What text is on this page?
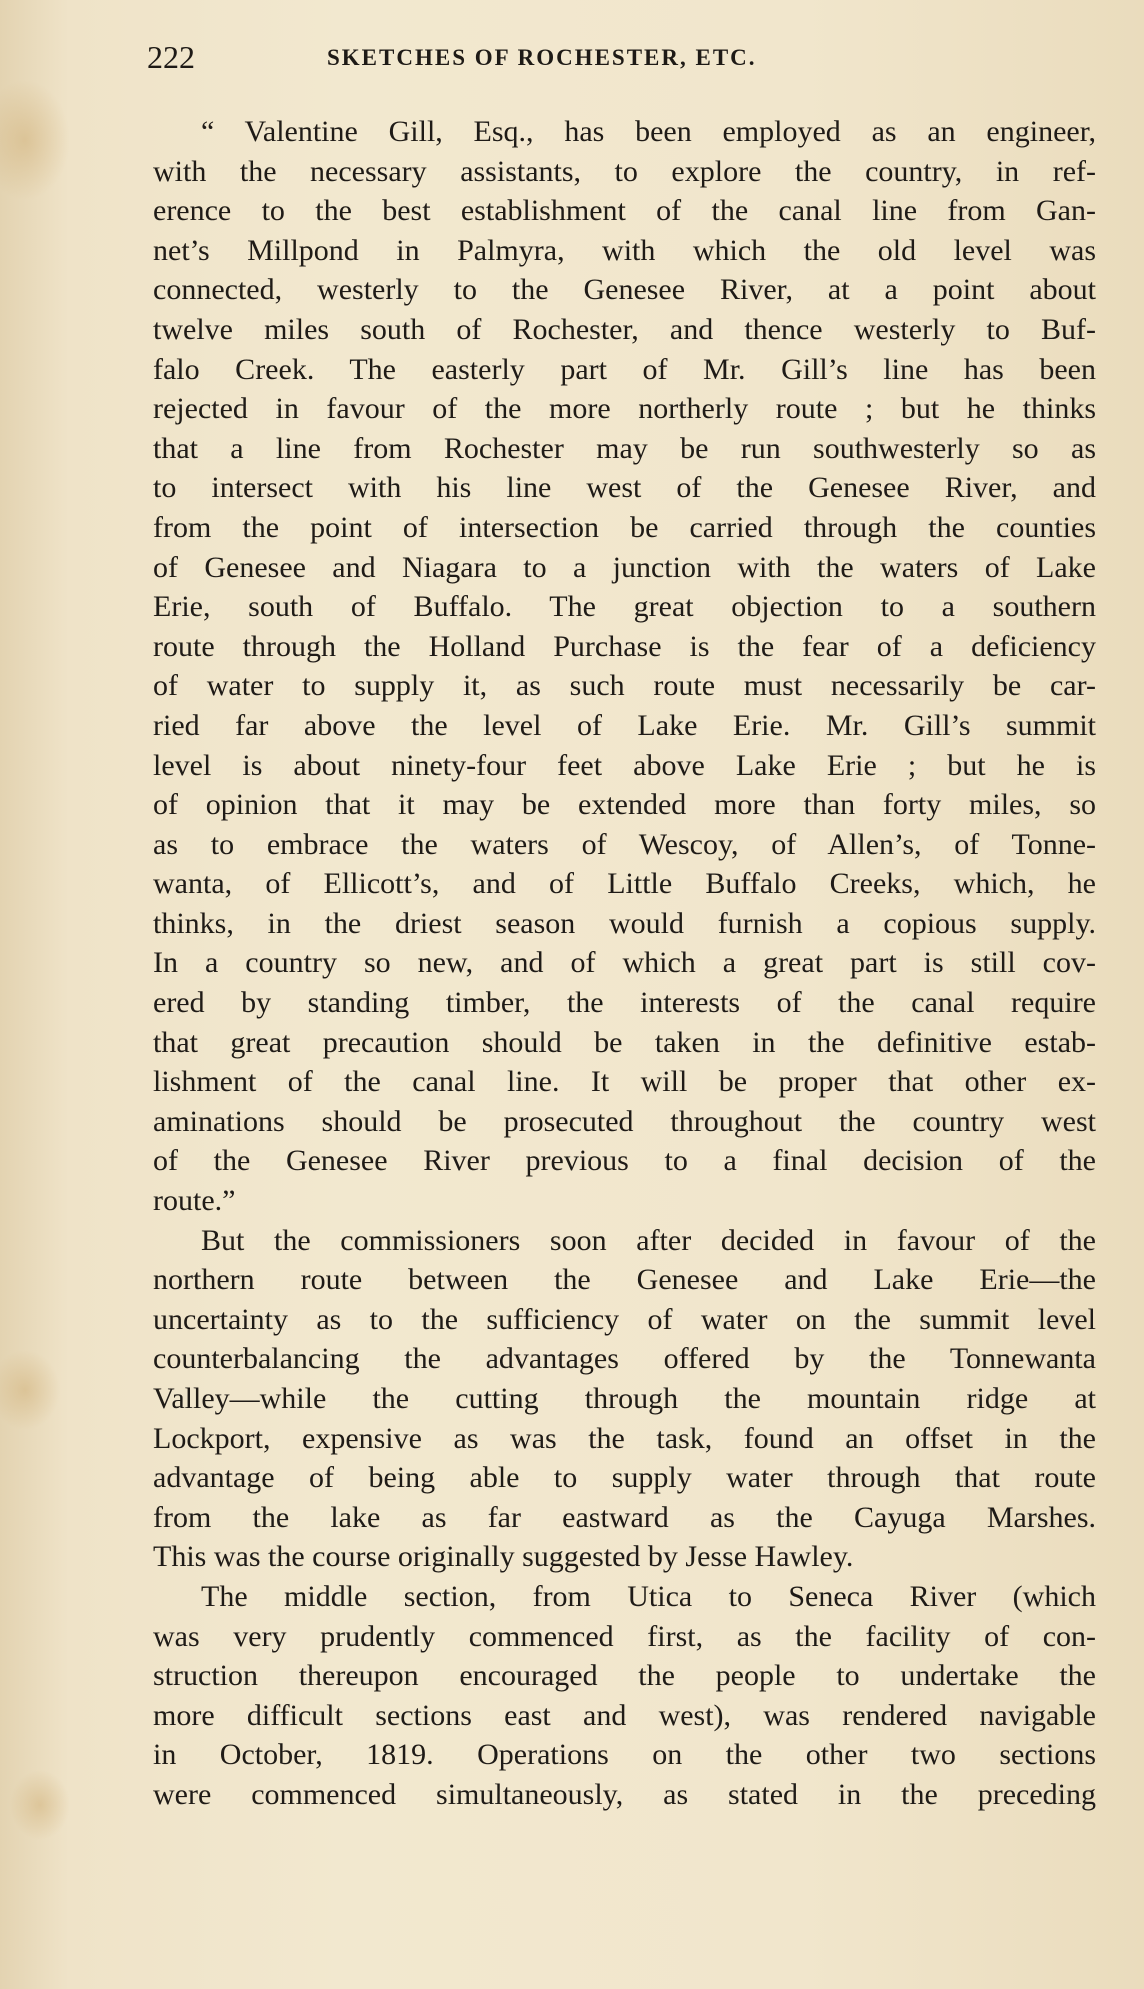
222	SKETCHES OF ROCHESTER, ETC.
“ Valentine Gill, Esq., has been employed as an engineer,
with the necessary assistants, to explore the country, in ref-
erence to the best establishment of the canal line from Gan-
net’s Millpond in Palmyra, with which the old level was
connected, westerly to the Genesee River, at a point about
twelve miles south of Rochester, and thence westerly to Buf-
falo Creek. The easterly part of Mr. Gill’s line has been
rejected in favour of the more northerly route ; but he thinks
that a line from Rochester may be run southwesterly so as
to intersect with his line west of the Genesee River, and
from the point of intersection be carried through the counties
of Genesee and Niagara to a junction with the waters of Lake
Erie, south of Buffalo. The great objection to a southern
route through the Holland Purchase is the fear of a deficiency
of water to supply it, as such route must necessarily be car-
ried far above the level of Lake Erie. Mr. Gill’s summit
level is about ninety-four feet above Lake Erie ; but he is
of opinion that it may be extended more than forty miles, so
as to embrace the waters of Wescoy, of Allen’s, of Tonne-
wanta, of Ellicott’s, and of Little Buffalo Creeks, which, he
thinks, in the driest season would furnish a copious supply.
In a country so new, and of which a great part is still cov-
ered by standing timber, the interests of the canal require
that great precaution should be taken in the definitive estab-
lishment of the canal line. It will be proper that other ex-
aminations should be prosecuted throughout the country west
of the Genesee River previous to a final decision of the
route.”
But the commissioners soon after decided in favour of the
northern route between the Genesee and Lake Erie—the
uncertainty as to the sufficiency of water on the summit level
counterbalancing the advantages offered by the Tonnewanta
Valley—while the cutting through the mountain ridge at
Lockport, expensive as was the task, found an offset in the
advantage of being able to supply water through that route
from the lake as far eastward as the Cayuga Marshes.
This was the course originally suggested by Jesse Hawley.
The middle section, from Utica to Seneca River (which
was very prudently commenced first, as the facility of con-
struction thereupon encouraged the people to undertake the
more difficult sections east and west), was rendered navigable
in October, 1819. Operations on the other two sections
were commenced simultaneously, as stated in the preceding
